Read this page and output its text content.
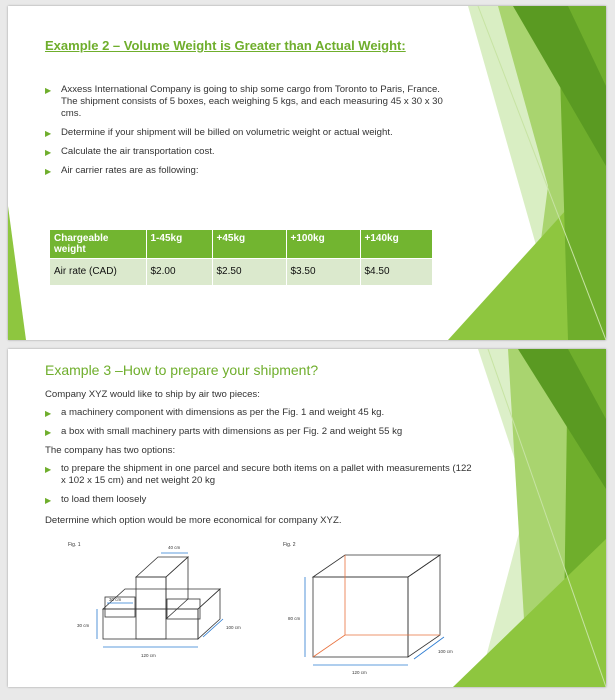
Example 2 – Volume Weight is Greater than Actual Weight:
▶ Axxess International Company is going to ship some cargo from Toronto to Paris, France. The shipment consists of 5 boxes, each weighing 5 kgs, and each measuring 45 x 30 x 30 cms.
▶ Determine if your shipment will be billed on volumetric weight or actual weight.
▶ Calculate the air transportation cost.
▶ Air carrier rates are as following:
Chargeable weight	1-45kg	+45kg	+100kg	+140kg
Air rate (CAD)	$2.00	$2.50	$3.50	$4.50
Example 3 –How to prepare your shipment?

Company XYZ would like to ship by air two pieces:

▶ a machinery component with dimensions as per the Fig. 1 and weight 45 kg.
▶ a box with small machinery parts with dimensions as per Fig. 2 and weight 55 kg

The company has two options:

▶ to prepare the shipment in one parcel and secure both items on a pallet with measurements (122 x 102 x 15 cm) and net weight 20 kg
▶ to load them loosely

Determine which option would be more economical for company XYZ.

Fig. 1	40 cm
30 cm
30 cm	100 cm
120 cm
Fig. 2
80 cm
100 cm
120 cm
